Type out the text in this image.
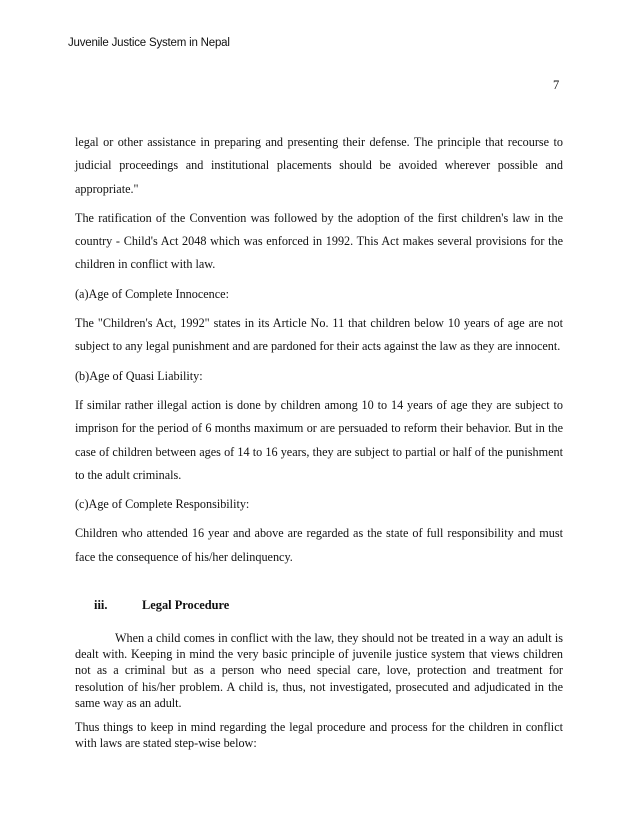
Juvenile Justice System in Nepal
7

legal or other assistance in preparing and presenting their defense. The principle that recourse to judicial proceedings and institutional placements should be avoided wherever possible and appropriate."

The ratification of the Convention was followed by the adoption of the first children's law in the country - Child's Act 2048 which was enforced in 1992. This Act makes several provisions for the children in conflict with law.

(a)Age of Complete Innocence:

The "Children's Act, 1992" states in its Article No. 11 that children below 10 years of age are not subject to any legal punishment and are pardoned for their acts against the law as they are innocent.

(b)Age of Quasi Liability:

If similar rather illegal action is done by children among 10 to 14 years of age they are subject to imprison for the period of 6 months maximum or are persuaded to reform their behavior. But in the case of children between ages of 14 to 16 years, they are subject to partial or half of the punishment to the adult criminals.

(c)Age of Complete Responsibility:

Children who attended 16 year and above are regarded as the state of full responsibility and must face the consequence of his/her delinquency.

iii.	Legal Procedure

When a child comes in conflict with the law, they should not be treated in a way an adult is dealt with. Keeping in mind the very basic principle of juvenile justice system that views children not as a criminal but as a person who need special care, love, protection and treatment for resolution of his/her problem. A child is, thus, not investigated, prosecuted and adjudicated in the same way as an adult.

Thus things to keep in mind regarding the legal procedure and process for the children in conflict with laws are stated step-wise below:
